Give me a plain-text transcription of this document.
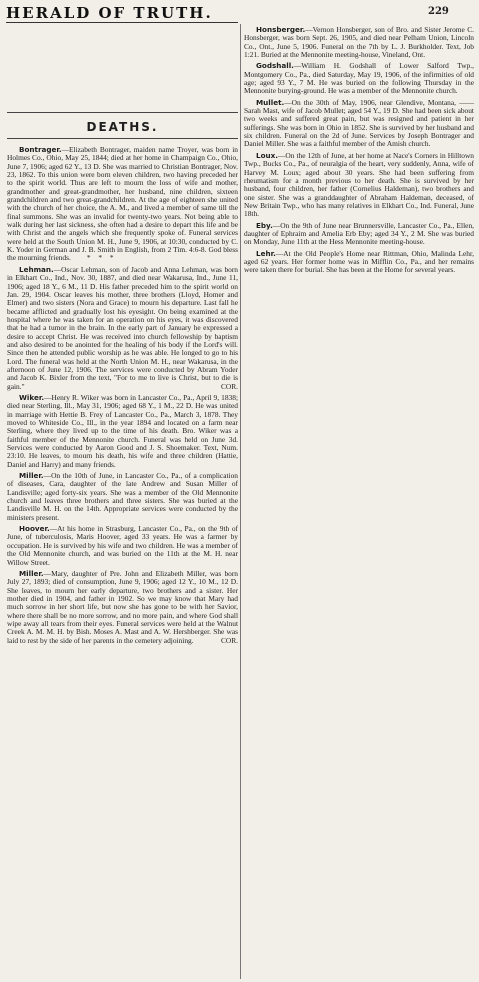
HERALD OF TRUTH.	229
DEATHS.

Bontrager.—Elizabeth Bontrager, maiden name Troyer, was born in Holmes Co., Ohio, May 25, 1844; died at her home in Champaign Co., Ohio, June 7, 1906; aged 62 Y., 13 D. She was married to Christian Bontrager, Nov. 23, 1862. To this union were born eleven children, two having preceded her to the spirit world. Thus are left to mourn the loss of wife and mother, grandmother and great-grandmother, her husband, nine children, sixteen grandchildren and two great-grandchildren. At the age of eighteen she united with the church of her choice, the A. M., and lived a member of same till the final summons. She was an invalid for twenty-two years. Not being able to walk during her last sickness, she often had a desire to depart this life and be with Christ and the angels which she frequently spoke of. Funeral services were held at the South Union M. H., June 9, 1906, at 10:30, conducted by C. K. Yoder in German and J. B. Smith in English, from 2 Tim. 4:6-8. God bless the mourning friends. * * *

Lehman.—Oscar Lehman, son of Jacob and Anna Lehman, was born in Elkhart Co., Ind., Nov. 30, 1887, and died near Wakarusa, Ind., June 11, 1906; aged 18 Y., 6 M., 11 D. His father preceded him to the spirit world on Jan. 29, 1904. Oscar leaves his mother, three brothers (Lloyd, Homer and Elmer) and two sisters (Nora and Grace) to mourn his departure. Last fall he became afflicted and gradually lost his eyesight. On being examined at the hospital where he was taken for an operation on his eyes, it was discovered that he had a tumor in the brain. In the early part of January he expressed a desire to accept Christ. He was received into church fellowship by baptism and also desired to be anointed for the healing of his body if the Lord's will. Since then he attended public worship as he was able. He longed to go to his Lord. The funeral was held at the North Union M. H., near Wakarusa, in the afternoon of June 12, 1906. The services were conducted by Abram Yoder and Jacob K. Bixler from the text, "For to me to live is Christ, but to die is gain."	COR.

Wiker.—Henry R. Wiker was born in Lancaster Co., Pa., April 9, 1838; died near Sterling, Ill., May 31, 1906; aged 68 Y., 1 M., 22 D. He was united in marriage with Hettie B. Frey of Lancaster Co., Pa., March 3, 1878. They moved to Whiteside Co., Ill., in the year 1894 and located on a farm near Sterling, where they lived up to the time of his death. Bro. Wiker was a faithful member of the Mennonite church. Funeral was held on June 3d. Services were conducted by Aaron Good and J. S. Shoemaker. Text, Num. 23:10. He leaves, to mourn his death, his wife and three children (Hattie, Daniel and Harry) and many friends.

Miller.—On the 10th of June, in Lancaster Co., Pa., of a complication of diseases, Cara, daughter of the late Andrew and Susan Miller of Landisville; aged forty-six years. She was a member of the Old Mennonite church and leaves three brothers and three sisters. She was buried at the Landisville M. H. on the 14th. Appropriate services were conducted by the ministers present.

Hoover.—At his home in Strasburg, Lancaster Co., Pa., on the 9th of June, of tuberculosis, Maris Hoover, aged 33 years. He was a farmer by occupation. He is survived by his wife and two children. He was a member of the Old Mennonite church, and was buried on the 11th at the M. H. near Willow Street.

Miller.—Mary, daughter of Pre. John and Elizabeth Miller, was born July 27, 1893; died of consumption, June 9, 1906; aged 12 Y., 10 M., 12 D. She leaves, to mourn her early departure, two brothers and a sister. Her mother died in 1904, and father in 1902. So we may know that Mary had much sorrow in her short life, but now she has gone to be with her Savior, where there shall be no more sorrow, and no more pain, and where God shall wipe away all tears from their eyes. Funeral services were held at the Walnut Creek A. M. M. H. by Bish. Moses A. Mast and A. W. Hershberger. She was laid to rest by the side of her parents in the cemetery adjoining.	COR.

Honsberger.—Vernon Honsberger, son of Bro. and Sister Jerome C. Honsberger, was born Sept. 26, 1905, and died near Pelham Union, Lincoln Co., Ont., June 5, 1906. Funeral on the 7th by L. J. Burkholder. Text, Job 1:21. Buried at the Mennonite meeting-house, Vineland, Ont.

Godshall.—William H. Godshall of Lower Salford Twp., Montgomery Co., Pa., died Saturday, May 19, 1906, of the infirmities of old age; aged 93 Y., 7 M. He was buried on the following Thursday in the Mennonite burying-ground. He was a member of the Mennonite church.

Mullet.—On the 30th of May, 1906, near Glendive, Montana, —— Sarah Mast, wife of Jacob Mullet; aged 54 Y., 19 D. She had been sick about two weeks and suffered great pain, but was resigned and patient in her sufferings. She was born in Ohio in 1852. She is survived by her husband and six children. Funeral on the 2d of June. Services by Joseph Bontrager and Daniel Miller. She was a faithful member of the Amish church.

Loux.—On the 12th of June, at her home at Nace's Corners in Hilltown Twp., Bucks Co., Pa., of neuralgia of the heart, very suddenly, Anna, wife of Harvey M. Loux; aged about 30 years. She had been suffering from rheumatism for a month previous to her death. She is survived by her husband, four children, her father (Cornelius Haldeman), two brothers and one sister. She was a granddaughter of Abraham Haldeman, deceased, of New Britain Twp., who has many relatives in Elkhart Co., Ind. Funeral, June 18th.

Eby.—On the 9th of June near Brunnersville, Lancaster Co., Pa., Ellen, daughter of Ephraim and Amelia Erb Eby; aged 34 Y., 2 M. She was buried on Monday, June 11th at the Hess Mennonite meeting-house.

Lehr.—At the Old People's Home near Rittman, Ohio, Malinda Lehr, aged 62 years. Her former home was in Mifflin Co., Pa., and her remains were taken there for burial. She has been at the Home for several years.
